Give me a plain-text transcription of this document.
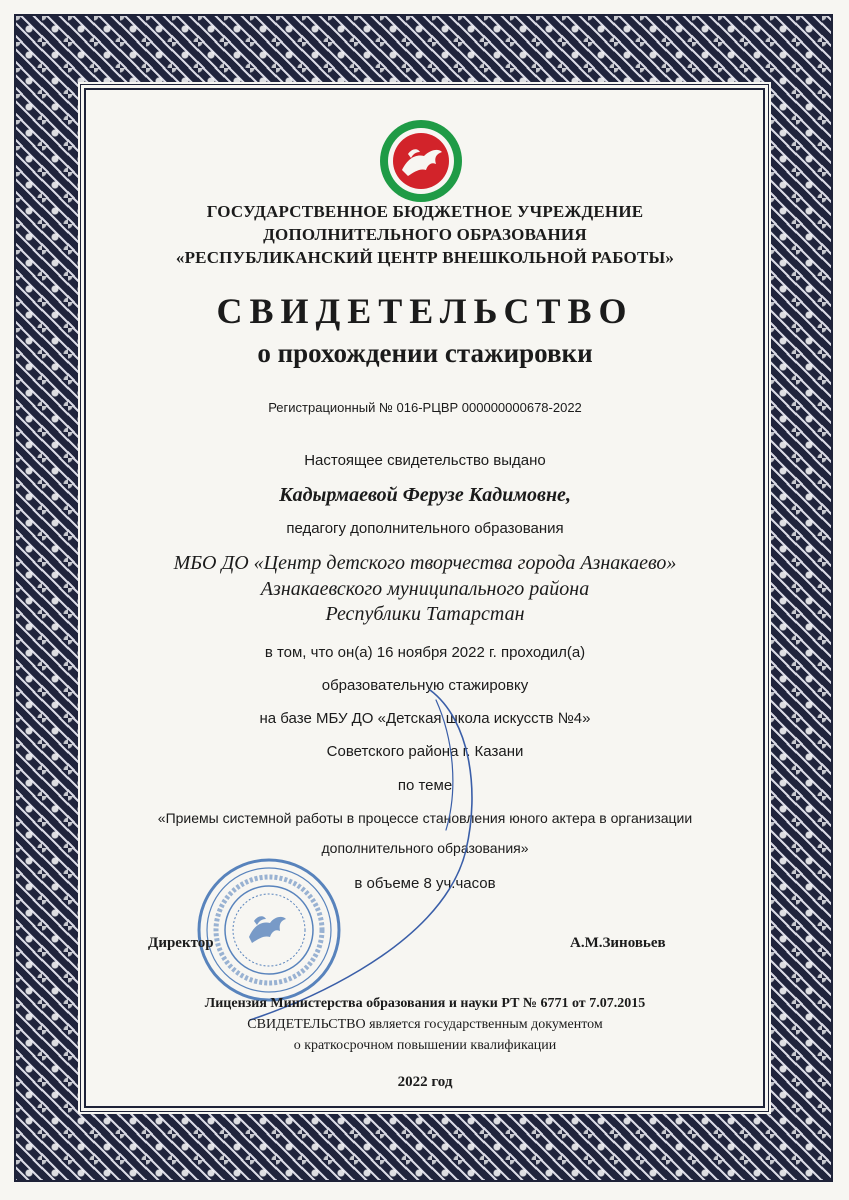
ГОСУДАРСТВЕННОЕ БЮДЖЕТНОЕ УЧРЕЖДЕНИЕ
ДОПОЛНИТЕЛЬНОГО ОБРАЗОВАНИЯ
«РЕСПУБЛИКАНСКИЙ ЦЕНТР ВНЕШКОЛЬНОЙ РАБОТЫ»
СВИДЕТЕЛЬСТВО
о прохождении стажировки
Регистрационный № 016-РЦВР 000000000678-2022
Настоящее свидетельство выдано
Кадырмаевой Ферузе Кадимовне,
педагогу дополнительного образования
МБО ДО «Центр детского творчества города Азнакаево»
Азнакаевского муниципального района
Республики Татарстан
в том, что он(а) 16 ноября 2022 г. проходил(а)
образовательную стажировку
на базе МБУ ДО «Детская школа искусств №4»
Советского района г. Казани
по теме
«Приемы системной работы в процессе становления юного актера в организации
дополнительного образования»
в объеме 8 уч.часов
Директор	А.М.Зиновьев
Лицензия Министерства образования и науки РТ № 6771 от 7.07.2015
СВИДЕТЕЛЬСТВО является государственным документом
о краткосрочном повышении квалификации
2022 год
